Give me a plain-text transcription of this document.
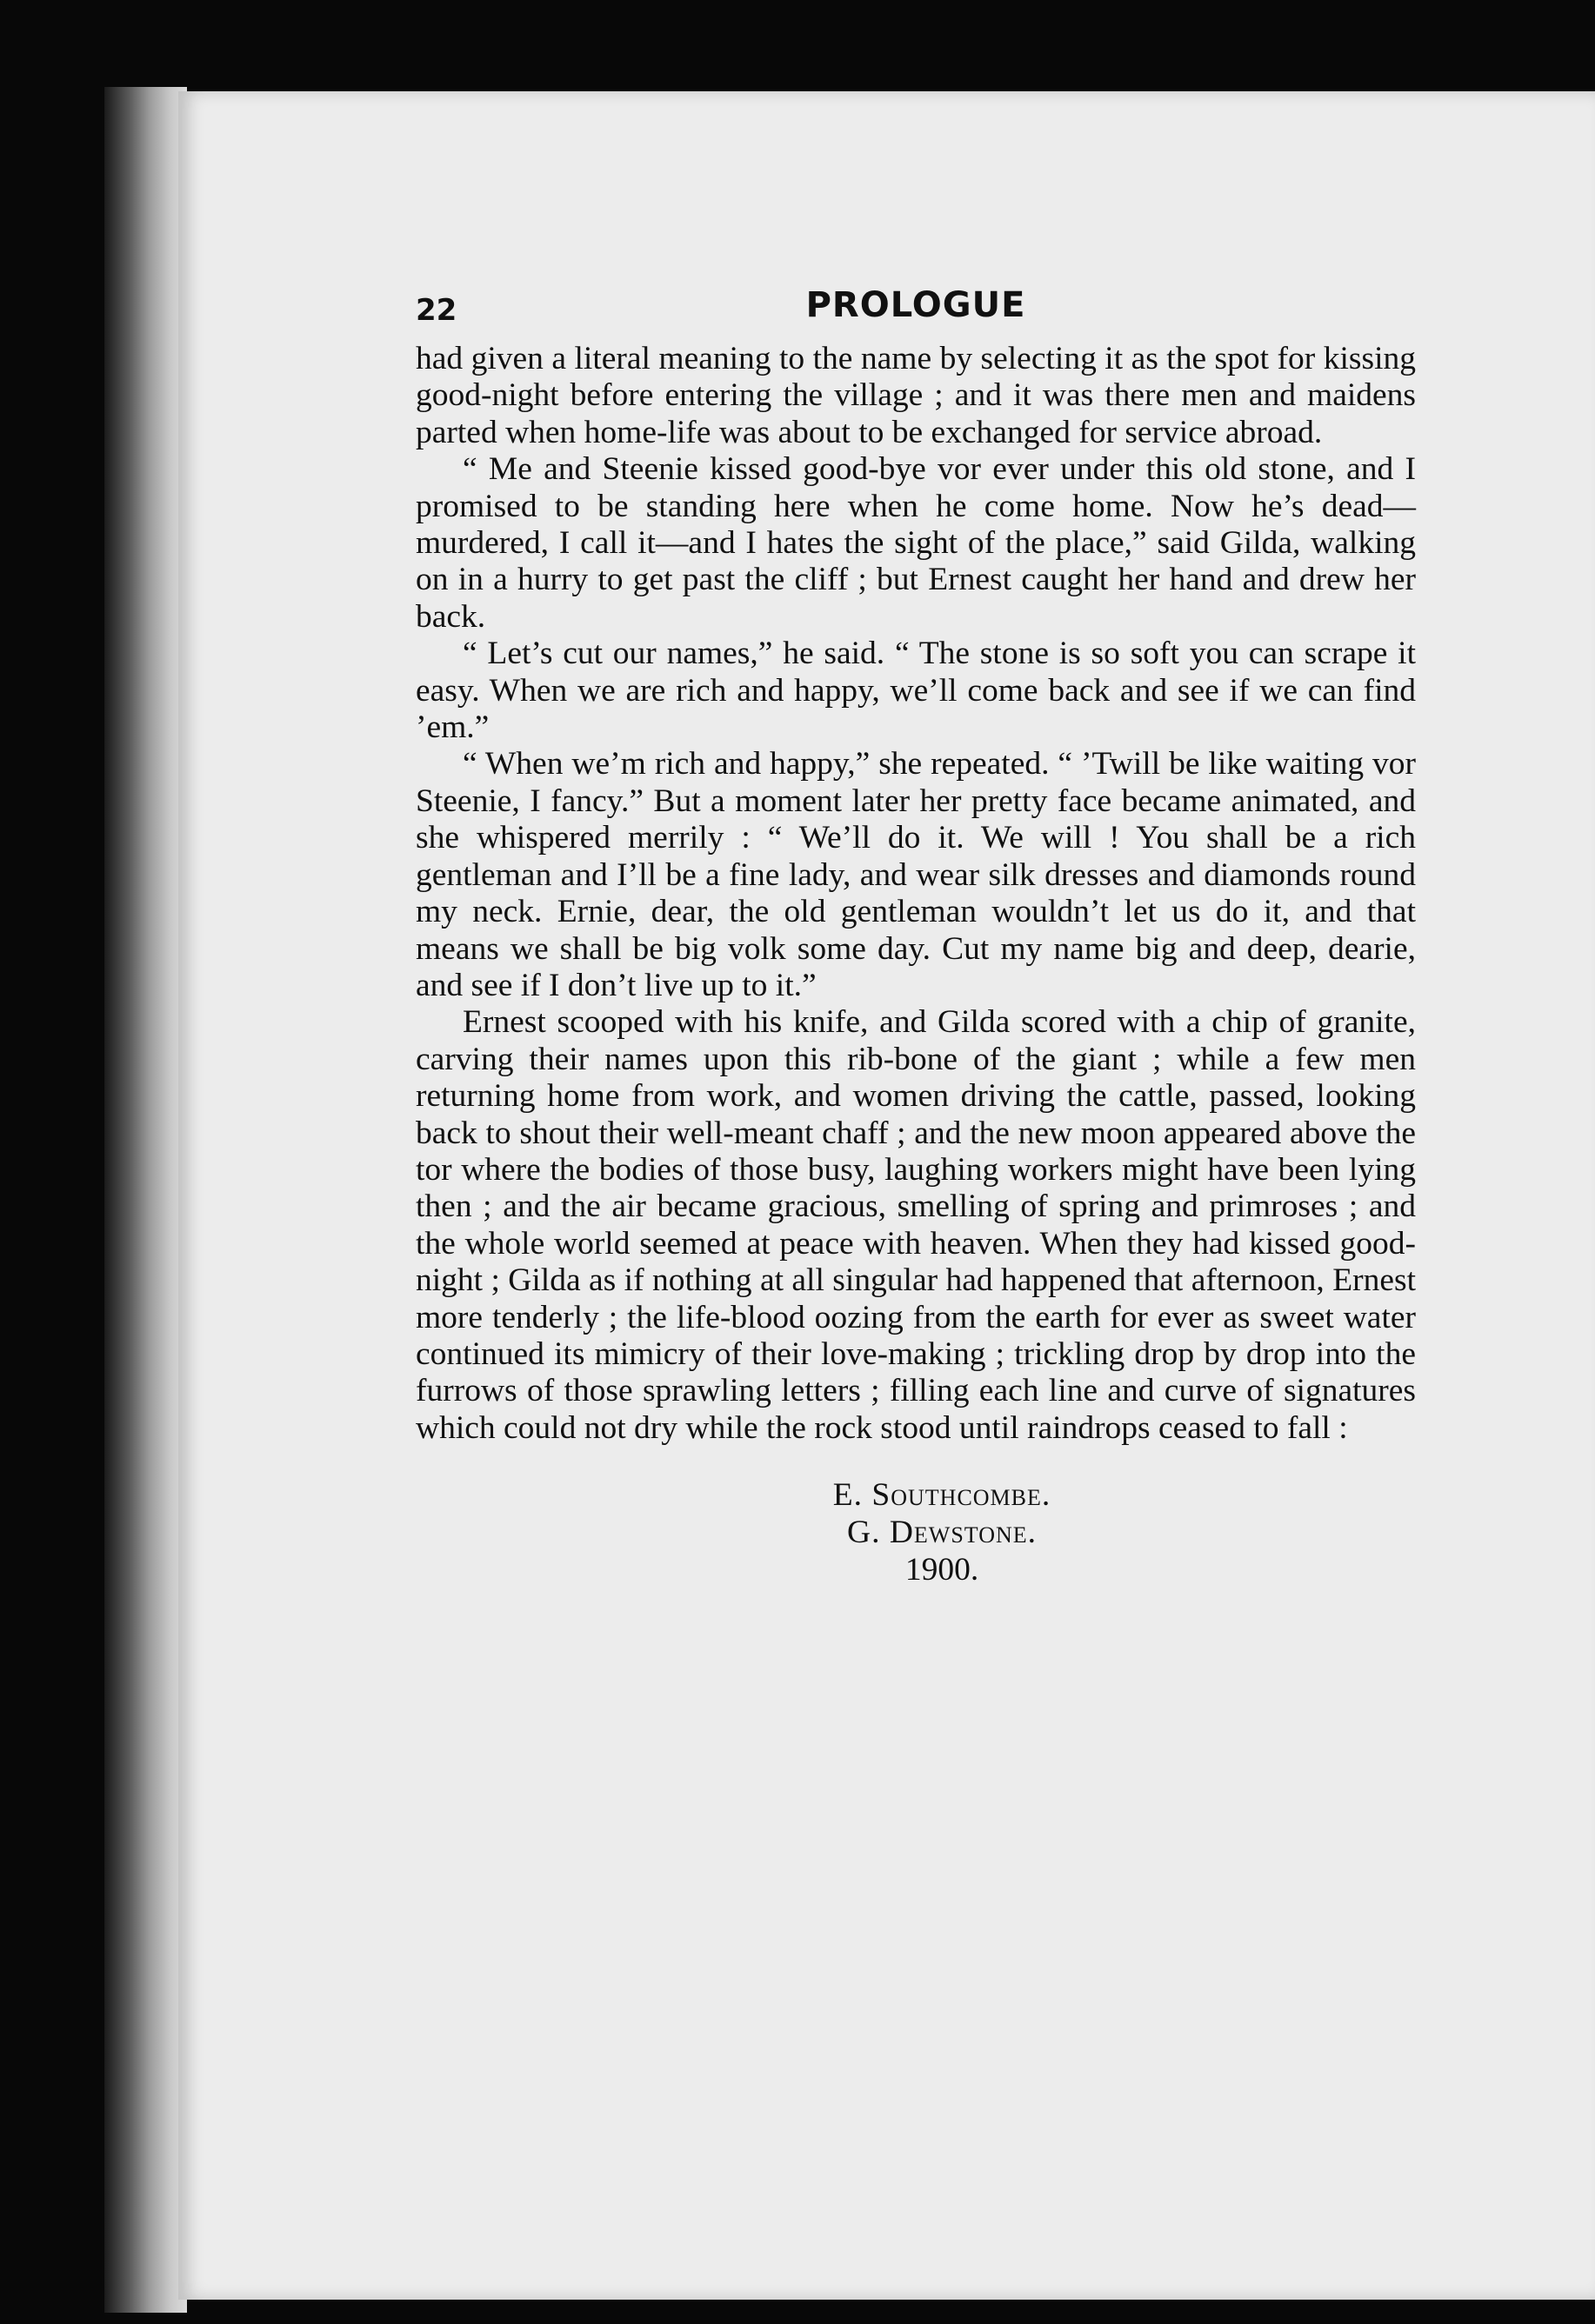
22	PROLOGUE

had given a literal meaning to the name by selecting it as the spot for kissing good-night before entering the village ; and it was there men and maidens parted when home-life was about to be exchanged for service abroad.

“ Me and Steenie kissed good-bye vor ever under this old stone, and I promised to be standing here when he come home. Now he’s dead—murdered, I call it—and I hates the sight of the place,” said Gilda, walking on in a hurry to get past the cliff ; but Ernest caught her hand and drew her back.

“ Let’s cut our names,” he said. “ The stone is so soft you can scrape it easy. When we are rich and happy, we’ll come back and see if we can find ’em.”

“ When we’m rich and happy,” she repeated. “ ’Twill be like waiting vor Steenie, I fancy.” But a moment later her pretty face became animated, and she whispered merrily : “ We’ll do it. We will ! You shall be a rich gentleman and I’ll be a fine lady, and wear silk dresses and diamonds round my neck. Ernie, dear, the old gentleman wouldn’t let us do it, and that means we shall be big volk some day. Cut my name big and deep, dearie, and see if I don’t live up to it.”

Ernest scooped with his knife, and Gilda scored with a chip of granite, carving their names upon this rib-bone of the giant ; while a few men returning home from work, and women driving the cattle, passed, looking back to shout their well-meant chaff ; and the new moon appeared above the tor where the bodies of those busy, laughing workers might have been lying then ; and the air became gracious, smelling of spring and primroses ; and the whole world seemed at peace with heaven. When they had kissed good-night ; Gilda as if nothing at all singular had happened that afternoon, Ernest more tenderly ; the life-blood oozing from the earth for ever as sweet water continued its mimicry of their love-making ; trickling drop by drop into the furrows of those sprawling letters ; filling each line and curve of signatures which could not dry while the rock stood until raindrops ceased to fall :

E. Southcombe.
G. Dewstone.
1900.
